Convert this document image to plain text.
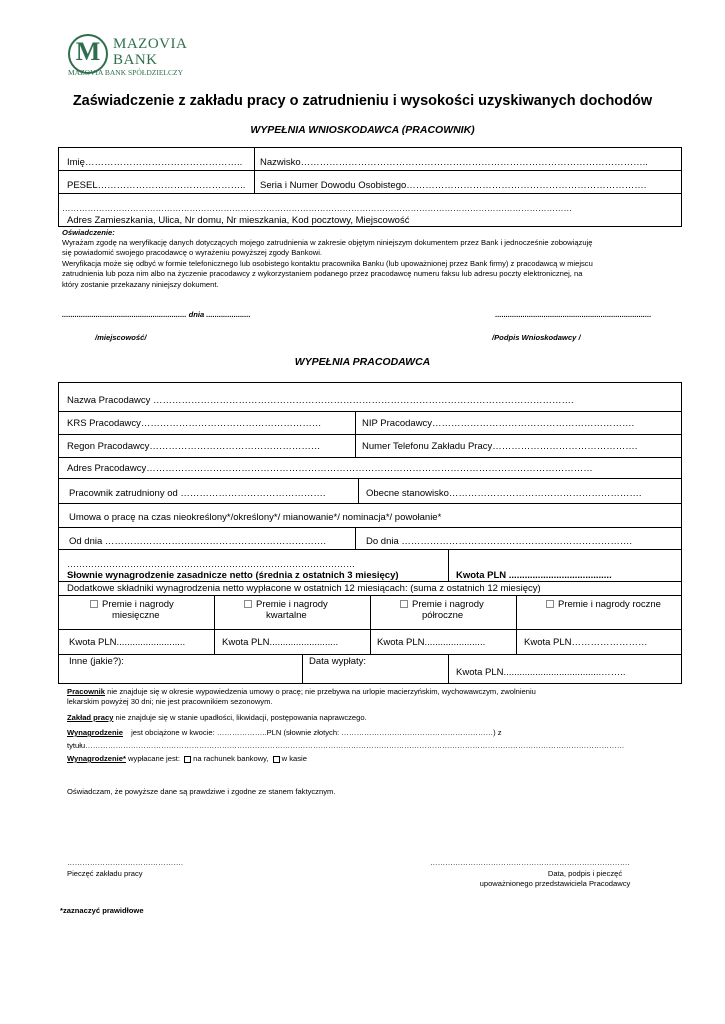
M MAZOVIA
BANK
MAZOVIA BANK SPÓŁDZIELCZY
Zaświadczenie z zakładu pracy o zatrudnieniu i wysokości uzyskiwanych dochodów
WYPEŁNIA WNIOSKODAWCA (PRACOWNIK)
Imię………………………………………….. Nazwisko………………………………………………………………………………………………..
PESEL……………………………………….. Seria i Numer Dowodu Osobistego………………………………………………………………….
………………………………………………………………………………………………………………………………………………………………
Adres Zamieszkania, Ulica, Nr domu, Nr mieszkania, Kod pocztowy, Miejscowość
Oświadczenie:
Wyrażam zgodę na weryfikację danych dotyczących mojego zatrudnienia w zakresie objętym niniejszym dokumentem przez Bank i jednocześnie zobowiązuję
się powiadomić swojego pracodawcę o wyrażeniu powyższej zgody Bankowi.
Weryfikacja może się odbyć w formie telefonicznego lub osobistego kontaktu pracownika Banku (lub upoważnionej przez Bank firmy) z pracodawcą w miejscu
zatrudnienia lub poza nim albo na życzenie pracodawcy z wykorzystaniem podanego przez pracodawcę numeru faksu lub adresu poczty elektronicznej, na
który zostanie przekazany niniejszy dokument.
........................................................... dnia .....................	..........................................................................
/miejscowość/	/Podpis Wnioskodawcy /
WYPEŁNIA PRACODAWCA
Nazwa Pracodawcy …………………………………………………………………………………………………………………….
KRS Pracodawcy…………………………………………………	NIP Pracodawcy……………………………………………………….
Regon Pracodawcy………………………………………………	Numer Telefonu Zakładu Pracy……………………………………….
Adres Pracodawcy……………………………………………………………………………………………………………………………
Pracownik zatrudniony od ……………………………………….	Obecne stanowisko…………………………………………………….
Umowa o pracę na czas nieokreślony*/określony*/ mianowanie*/ nominacja*/ powołanie*
Od dnia …………………………………………………………….	Do dnia ……………………………………………………………….
……………………………………………………………………………………
Słownie wynagrodzenie zasadnicze netto (średnia z ostatnich 3 miesięcy)	Kwota PLN .......................................
Dodatkowe składniki wynagrodzenia netto wypłacone w ostatnich 12 miesiącach: (suma z ostatnich 12 miesięcy)
Premie i nagrody
miesięczne
Premie i nagrody
kwartalne
Premie i nagrody
półroczne
Premie i nagrody roczne
Kwota PLN..........................	Kwota PLN..........................	Kwota PLN.......................	Kwota PLN……………………
Inne (jakie?):	Data wypłaty:
Kwota PLN.....................................……..
Pracownik nie znajduje się w okresie wypowiedzenia umowy o pracę; nie przebywa na urlopie macierzyńskim, wychowawczym, zwolnieniu
lekarskim powyżej 30 dni; nie jest pracownikiem sezonowym.
Zakład pracy nie znajduje się w stanie upadłości, likwidacji, postępowania naprawczego.
Wynagrodzenie jest obciążone w kwocie: ………………..PLN (słownie złotych: ……………………………………………………) z
tytułu……………………………………………………………………………………………………………………………………………………………………………………………
Wynagrodzenie* wypłacane jest: na rachunek bankowy, w kasie
Oświadczam, że powyższe dane są prawdziwe i zgodne ze stanem faktycznym.
……………………………………….
Pieczęć zakładu pracy
…………………………………………………………………….
Data, podpis i pieczęć
upoważnionego przedstawiciela Pracodawcy
*zaznaczyć prawidłowe
